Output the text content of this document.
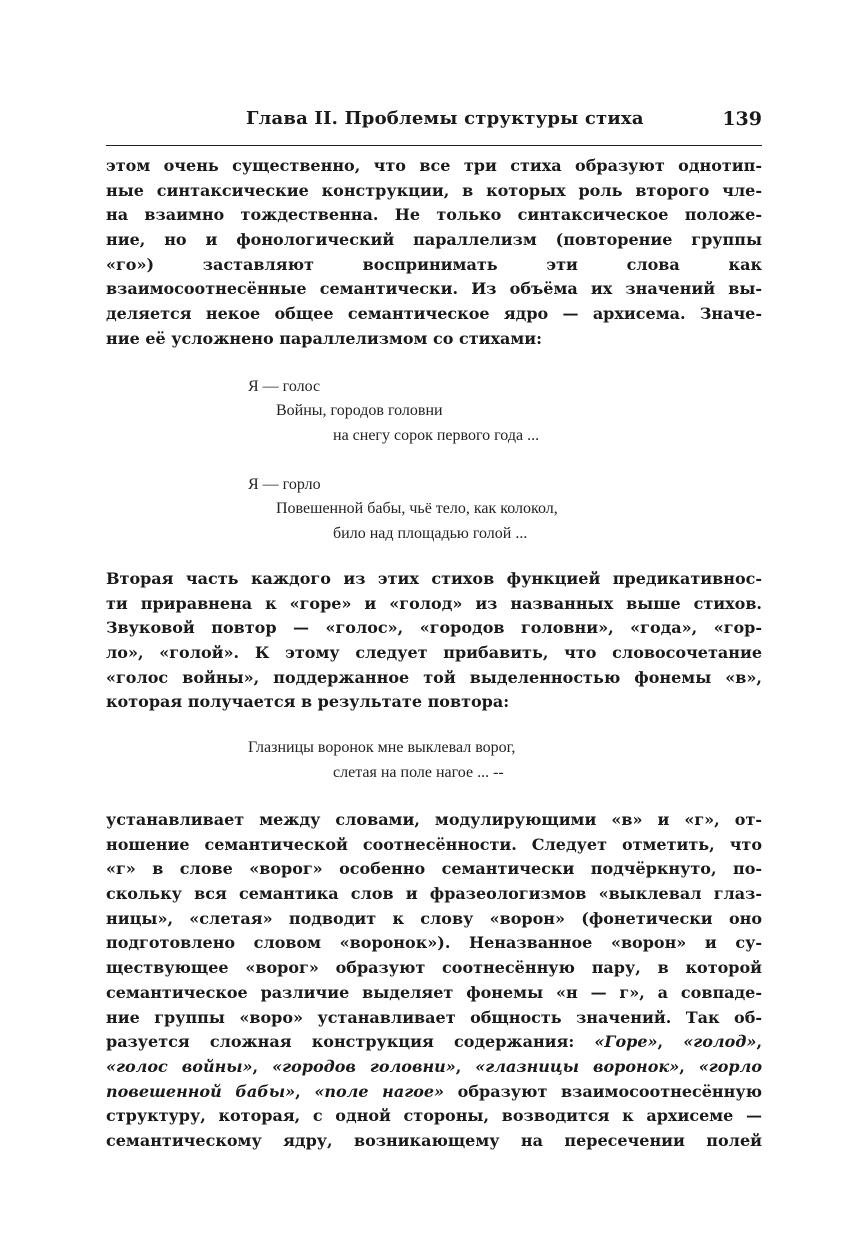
Глава II. Проблемы структуры стиха	139
этом очень существенно, что все три стиха образуют однотип-
ные синтаксические конструкции, в которых роль второго чле-
на взаимно тождественна. Не только синтаксическое положе-
ние, но и фонологический параллелизм (повторение группы
«го») заставляют воспринимать эти слова как
взаимосоотнесённые семантически. Из объёма их значений вы-
деляется некое общее семантическое ядро — архисема. Значе-
ние её усложнено параллелизмом со стихами:
Я — голос
Войны, городов головни
на снегу сорок первого года ...
Я — горло
Повешенной бабы, чьё тело, как колокол,
било над площадью голой ...
Вторая часть каждого из этих стихов функцией предикативнос-
ти приравнена к «горе» и «голод» из названных выше стихов.
Звуковой повтор — «голос», «городов головни», «года», «гор-
ло», «голой». К этому следует прибавить, что словосочетание
«голос войны», поддержанное той выделенностью фонемы «в»,
которая получается в результате повтора:
Глазницы воронок мне выклевал ворог,
слетая на поле нагое ... --
устанавливает между словами, модулирующими «в» и «г», от-
ношение семантической соотнесённости. Следует отметить, что
«г» в слове «ворог» особенно семантически подчёркнуто, по-
скольку вся семантика слов и фразеологизмов «выклевал глаз-
ницы», «слетая» подводит к слову «ворон» (фонетически оно
подготовлено словом «воронок»). Неназванное «ворон» и су-
ществующее «ворог» образуют соотнесённую пару, в которой
семантическое различие выделяет фонемы «н — г», а совпаде-
ние группы «воро» устанавливает общность значений. Так об-
разуется сложная конструкция содержания: «Горе», «голод»,
«голос войны», «городов головни», «глазницы воронок», «горло
повешенной бабы», «поле нагое» образуют взаимосоотнесённую
структуру, которая, с одной стороны, возводится к архисеме —
семантическому ядру, возникающему на пересечении полей
